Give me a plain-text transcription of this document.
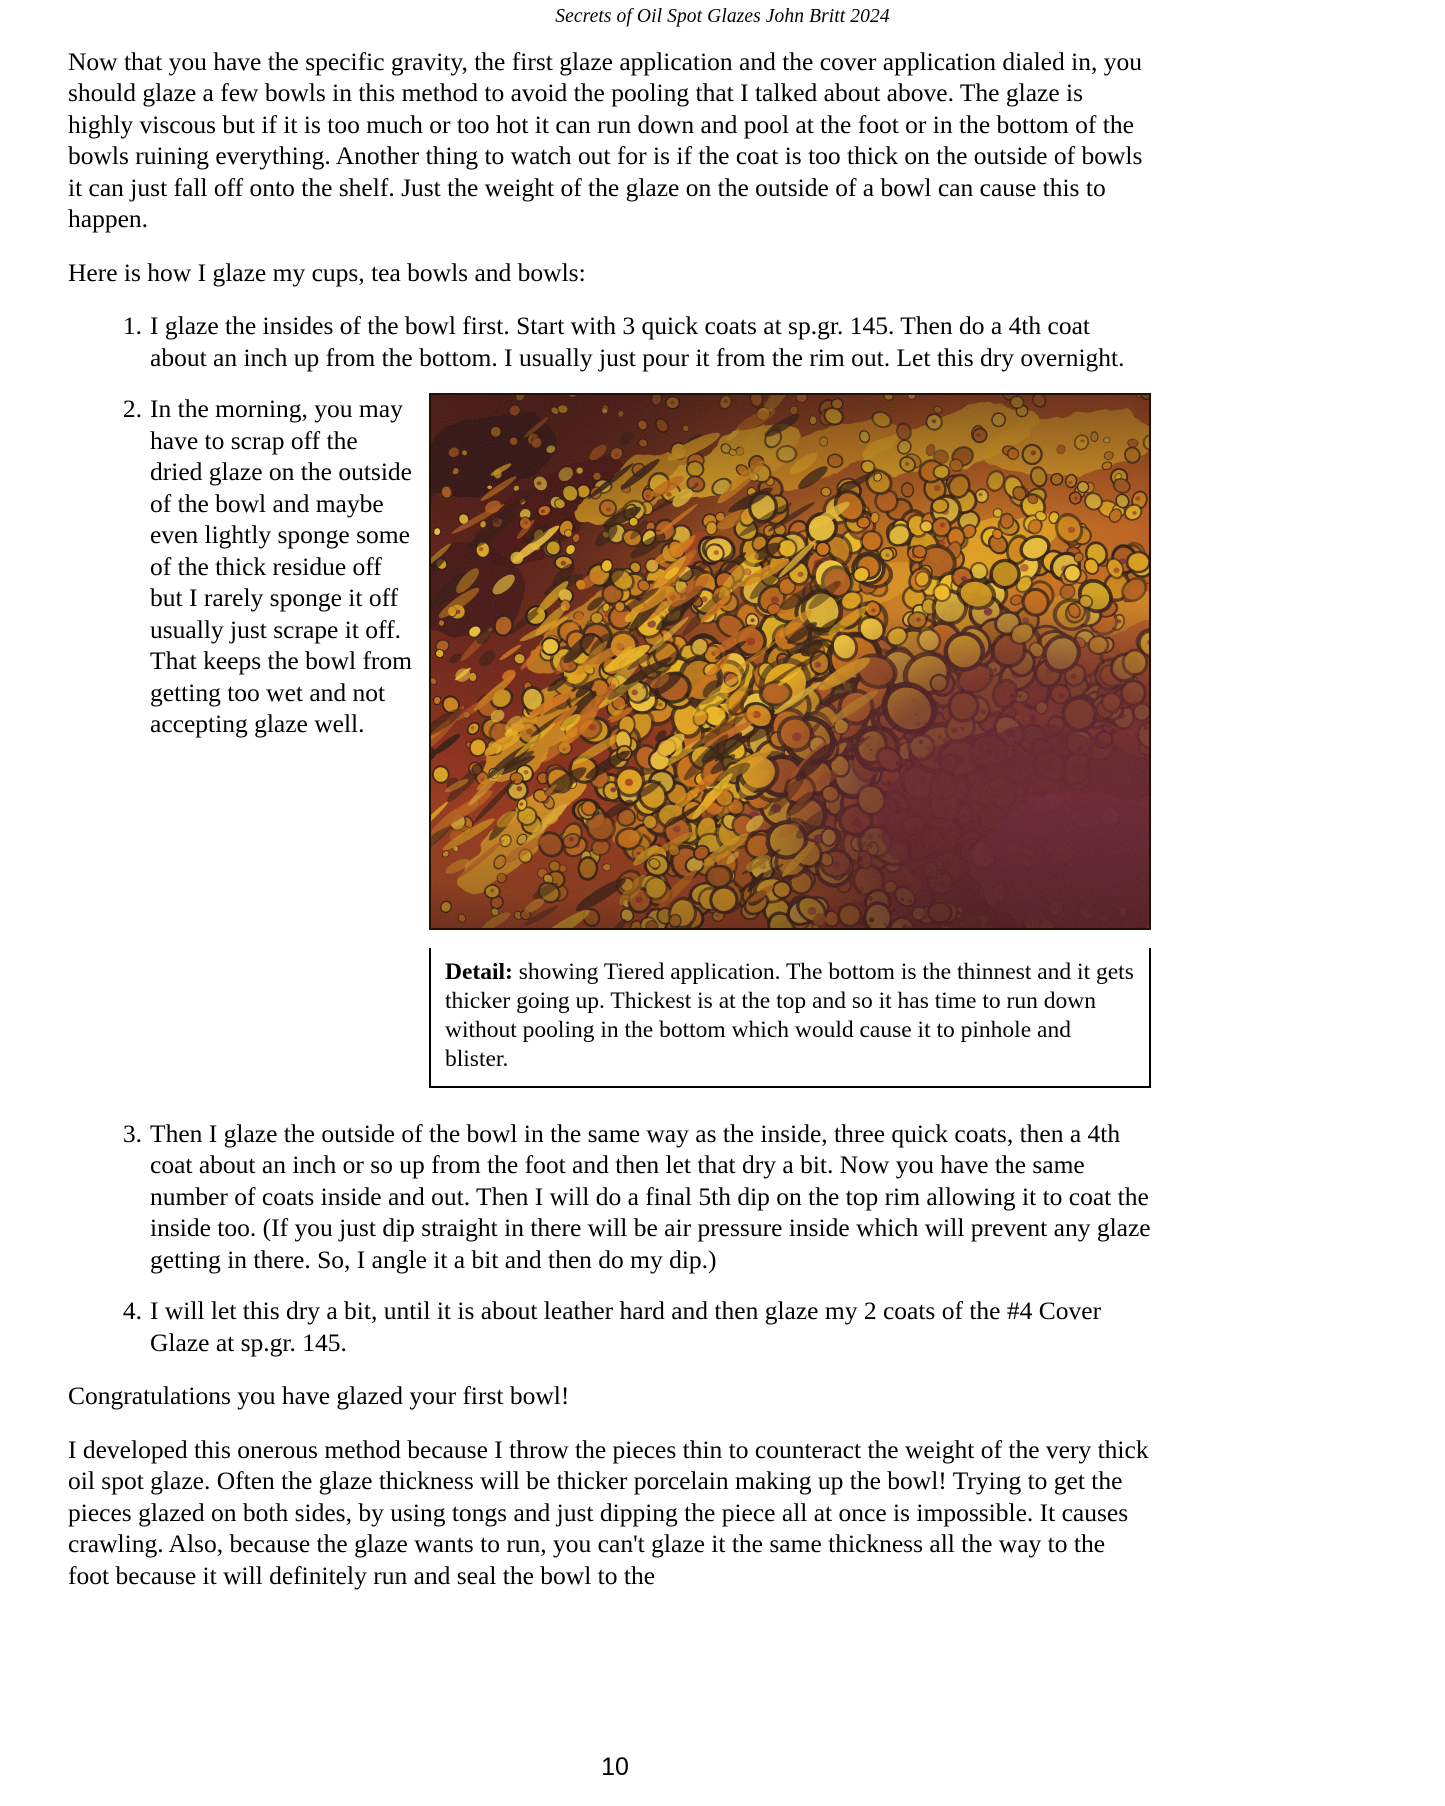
Secrets of Oil Spot Glazes John Britt 2024

Now that you have the specific gravity, the first glaze application and the cover application dialed in, you should glaze a few bowls in this method to avoid the pooling that I talked about above. The glaze is highly viscous but if it is too much or too hot it can run down and pool at the foot or in the bottom of the bowls ruining everything. Another thing to watch out for is if the coat is too thick on the outside of bowls it can just fall off onto the shelf. Just the weight of the glaze on the outside of a bowl can cause this to happen.

Here is how I glaze my cups, tea bowls and bowls:

1. I glaze the insides of the bowl first. Start with 3 quick coats at sp.gr. 145. Then do a 4th coat about an inch up from the bottom. I usually just pour it from the rim out. Let this dry overnight.
Detail: showing Tiered application. The bottom is the thinnest and it gets thicker going up. Thickest is at the top and so it has time to run down without pooling in the bottom which would cause it to pinhole and blister.
2. In the morning, you may have to scrap off the dried glaze on the outside of the bowl and maybe even lightly sponge some of the thick residue off but I rarely sponge it off usually just scrape it off. That keeps the bowl from getting too wet and not accepting glaze well.
3. Then I glaze the outside of the bowl in the same way as the inside, three quick coats, then a 4th coat about an inch or so up from the foot and then let that dry a bit. Now you have the same number of coats inside and out. Then I will do a final 5th dip on the top rim allowing it to coat the inside too. (If you just dip straight in there will be air pressure inside which will prevent any glaze getting in there. So, I angle it a bit and then do my dip.)
4. I will let this dry a bit, until it is about leather hard and then glaze my 2 coats of the #4 Cover Glaze at sp.gr. 145.

Congratulations you have glazed your first bowl!

I developed this onerous method because I throw the pieces thin to counteract the weight of the very thick oil spot glaze. Often the glaze thickness will be thicker porcelain making up the bowl! Trying to get the pieces glazed on both sides, by using tongs and just dipping the piece all at once is impossible. It causes crawling. Also, because the glaze wants to run, you can't glaze it the same thickness all the way to the foot because it will definitely run and seal the bowl to the

10
